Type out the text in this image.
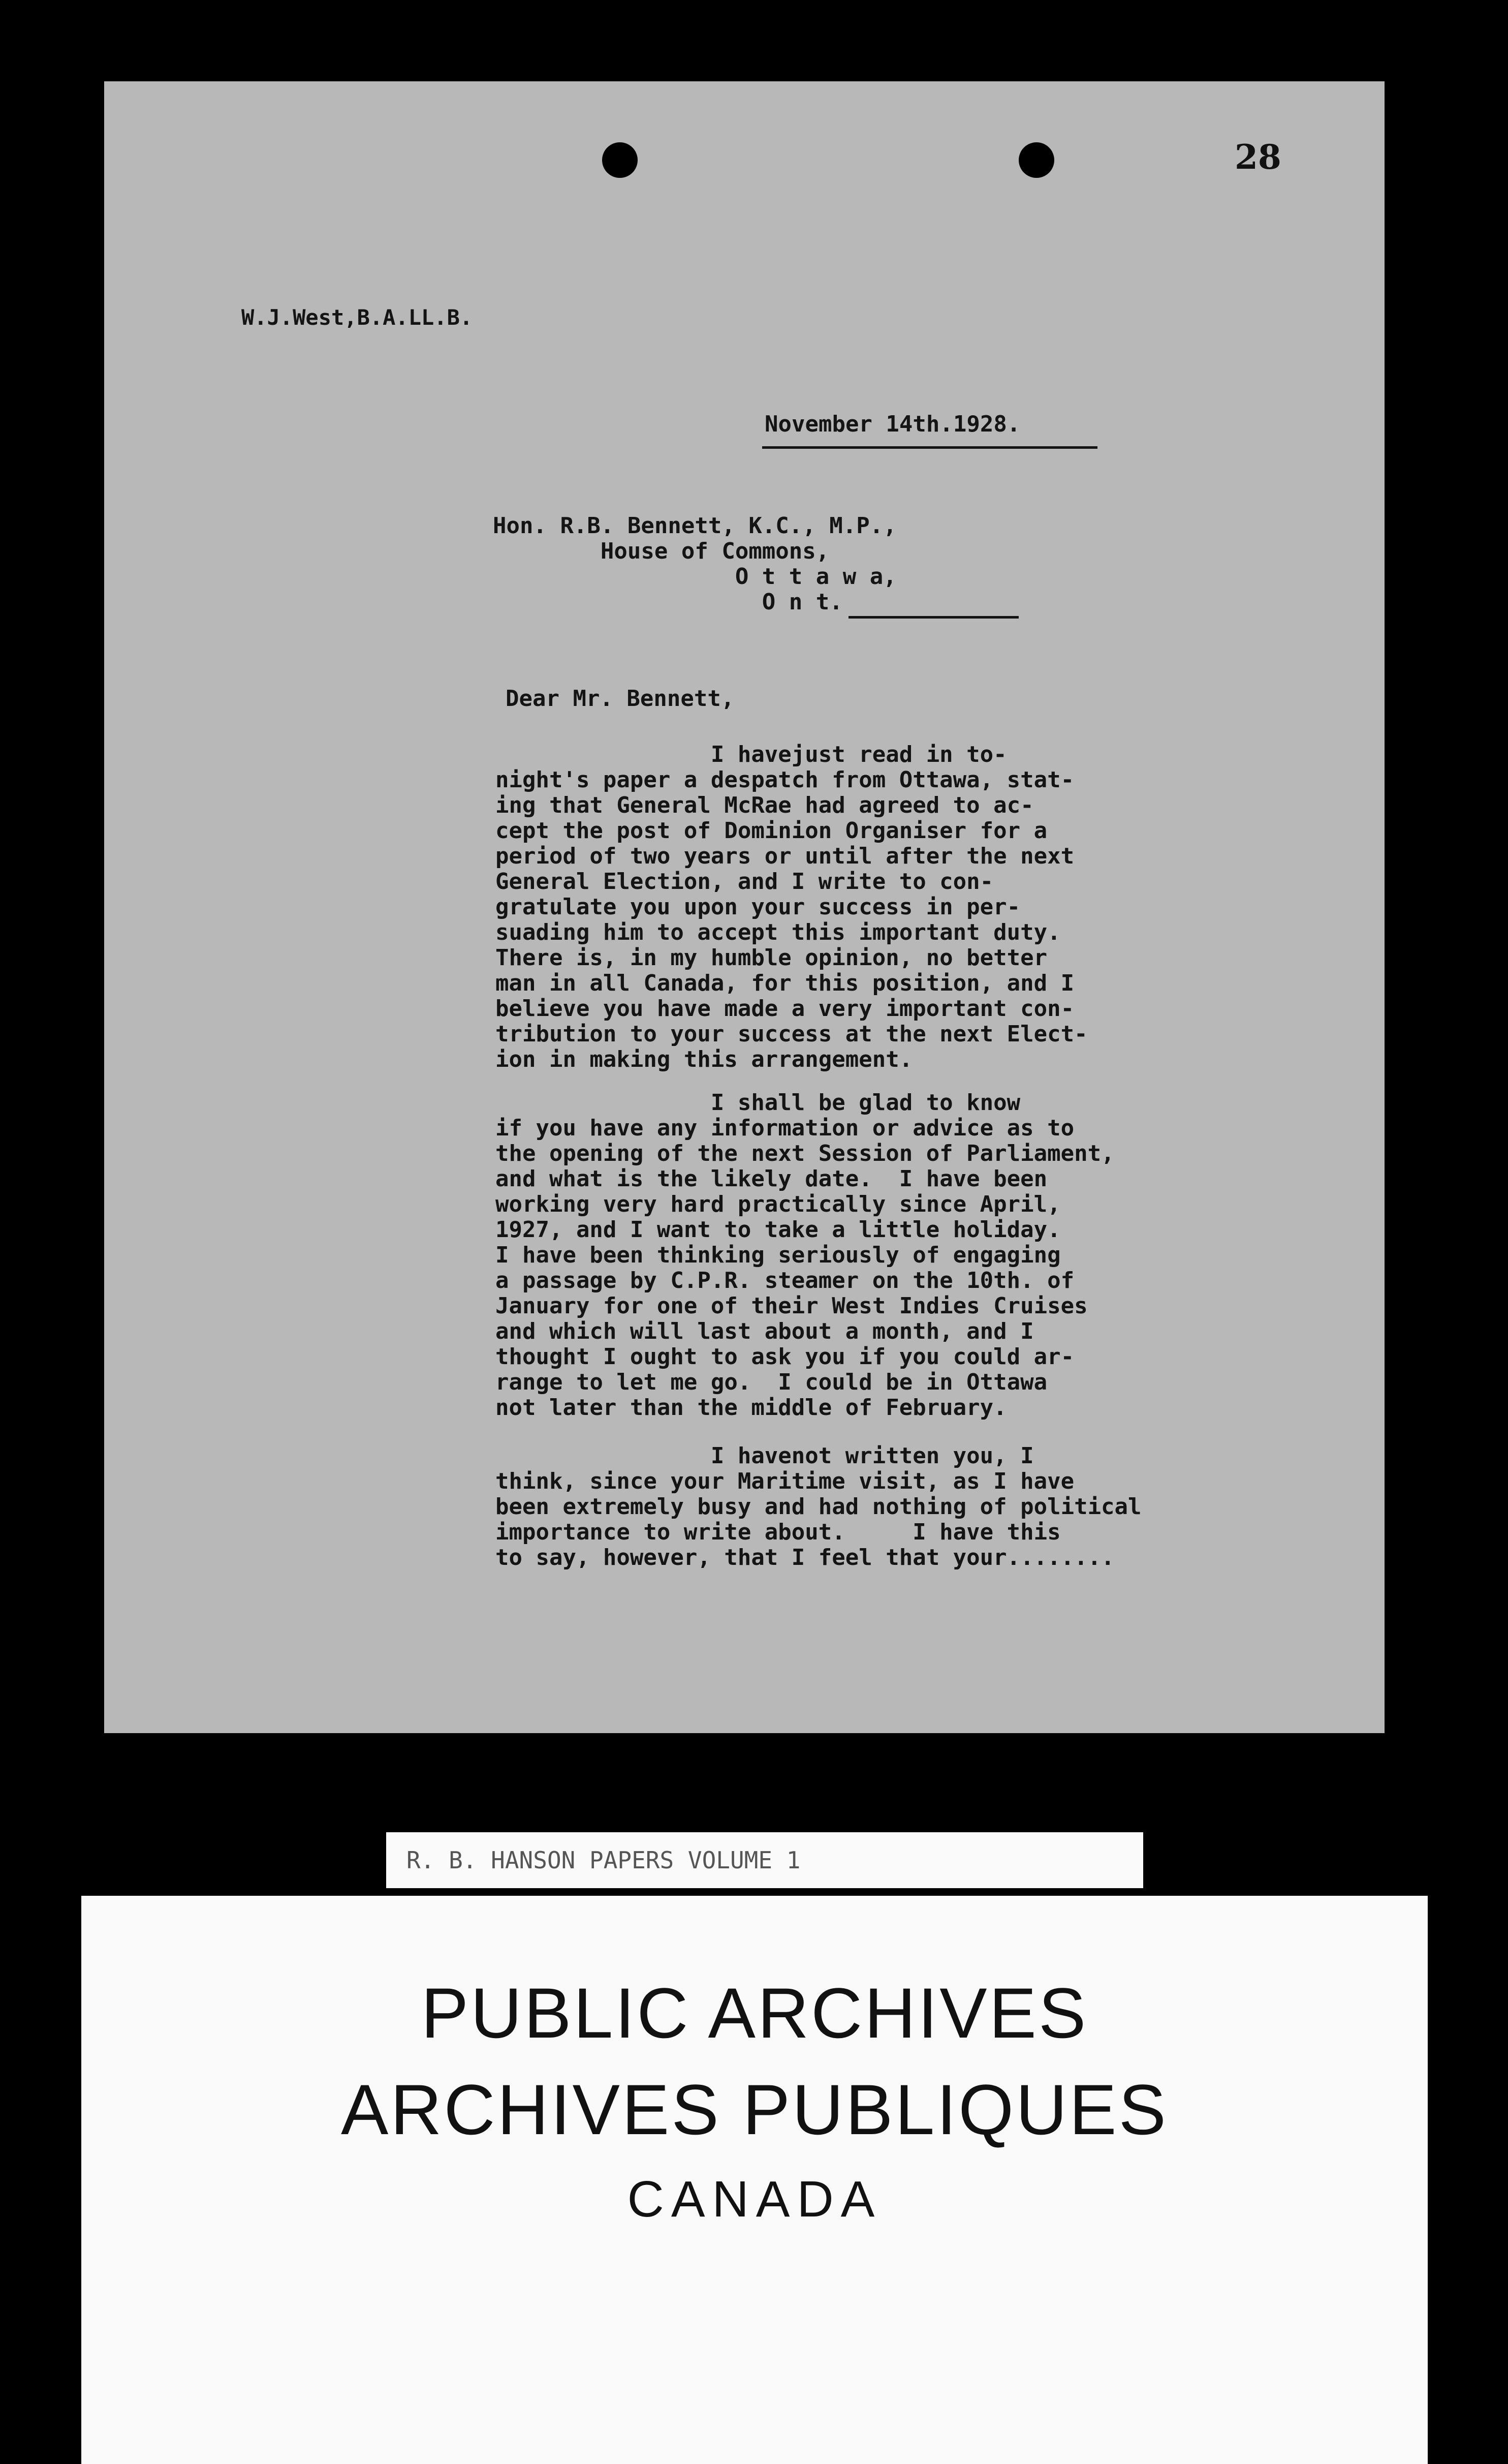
28
W.J.West,B.A.LL.B.
November 14th.1928.
Hon. R.B. Bennett, K.C., M.P.,
House of Commons,
O t t a w a,
O n t.
Dear Mr. Bennett,
I havejust read in to-
night's paper a despatch from Ottawa, stat-
ing that General McRae had agreed to ac-
cept the post of Dominion Organiser for a
period of two years or until after the next
General Election, and I write to con-
gratulate you upon your success in per-
suading him to accept this important duty.
There is, in my humble opinion, no better
man in all Canada, for this position, and I
believe you have made a very important con-
tribution to your success at the next Elect-
ion in making this arrangement.
I shall be glad to know
if you have any information or advice as to
the opening of the next Session of Parliament,
and what is the likely date.  I have been
working very hard practically since April,
1927, and I want to take a little holiday.
I have been thinking seriously of engaging
a passage by C.P.R. steamer on the 10th. of
January for one of their West Indies Cruises
and which will last about a month, and I
thought I ought to ask you if you could ar-
range to let me go.  I could be in Ottawa
not later than the middle of February.
I havenot written you, I
think, since your Maritime visit, as I have
been extremely busy and had nothing of political
importance to write about.     I have this
to say, however, that I feel that your........
R. B. HANSON PAPERS VOLUME 1
PUBLIC ARCHIVES
ARCHIVES PUBLIQUES
CANADA
